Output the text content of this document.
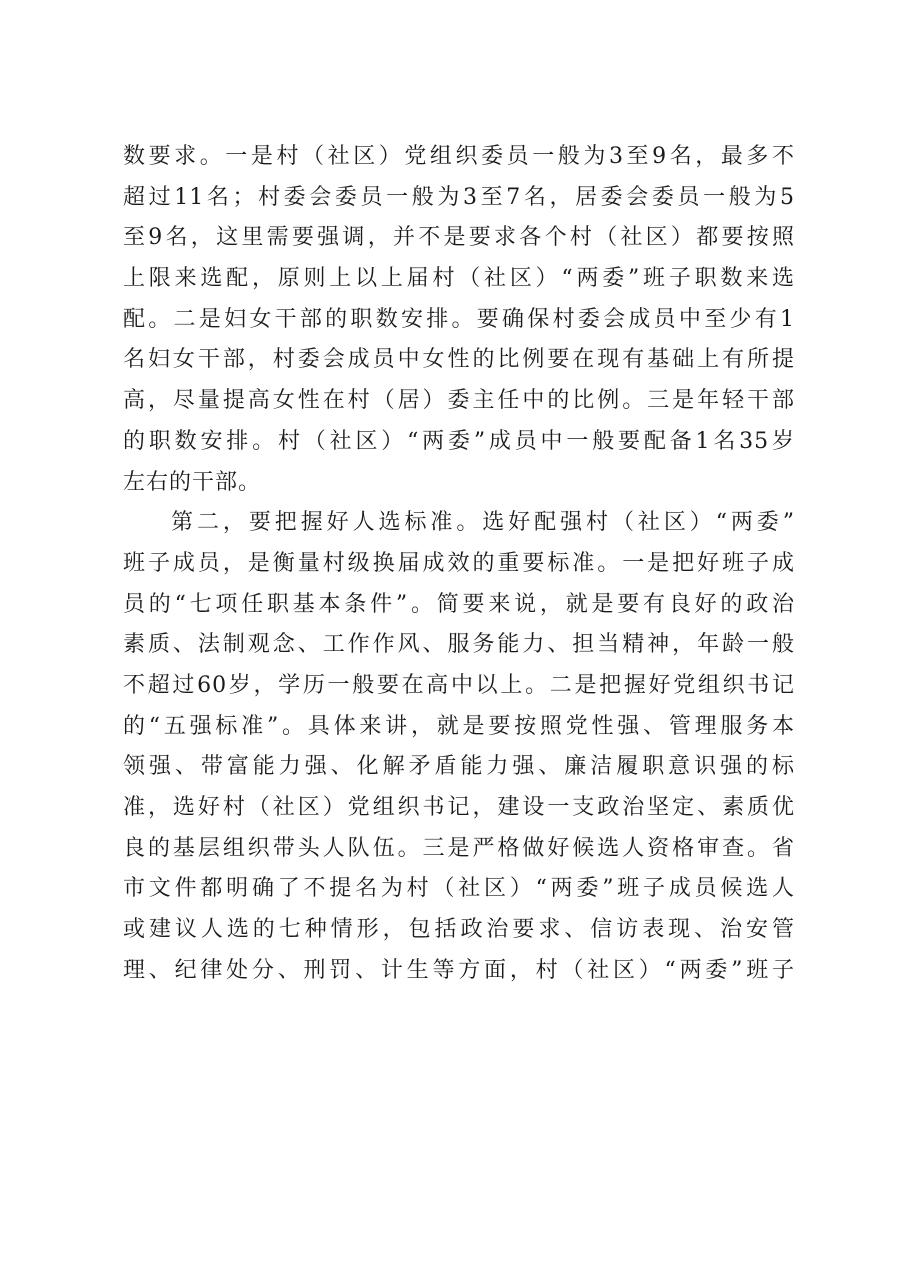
数要求。一是村（社区）党组织委员一般为3至9名，最多不
超过11名；村委会委员一般为3至7名，居委会委员一般为5
至9名，这里需要强调，并不是要求各个村（社区）都要按照
上限来选配，原则上以上届村（社区）“两委”班子职数来选
配。二是妇女干部的职数安排。要确保村委会成员中至少有1
名妇女干部，村委会成员中女性的比例要在现有基础上有所提
高，尽量提高女性在村（居）委主任中的比例。三是年轻干部
的职数安排。村（社区）“两委”成员中一般要配备1名35岁
左右的干部。
第二，要把握好人选标准。选好配强村（社区）“两委”
班子成员，是衡量村级换届成效的重要标准。一是把好班子成
员的“七项任职基本条件”。简要来说，就是要有良好的政治
素质、法制观念、工作作风、服务能力、担当精神，年龄一般
不超过60岁，学历一般要在高中以上。二是把握好党组织书记
的“五强标准”。具体来讲，就是要按照党性强、管理服务本
领强、带富能力强、化解矛盾能力强、廉洁履职意识强的标
准，选好村（社区）党组织书记，建设一支政治坚定、素质优
良的基层组织带头人队伍。三是严格做好候选人资格审查。省
市文件都明确了不提名为村（社区）“两委”班子成员候选人
或建议人选的七种情形，包括政治要求、信访表现、治安管
理、纪律处分、刑罚、计生等方面，村（社区）“两委”班子
